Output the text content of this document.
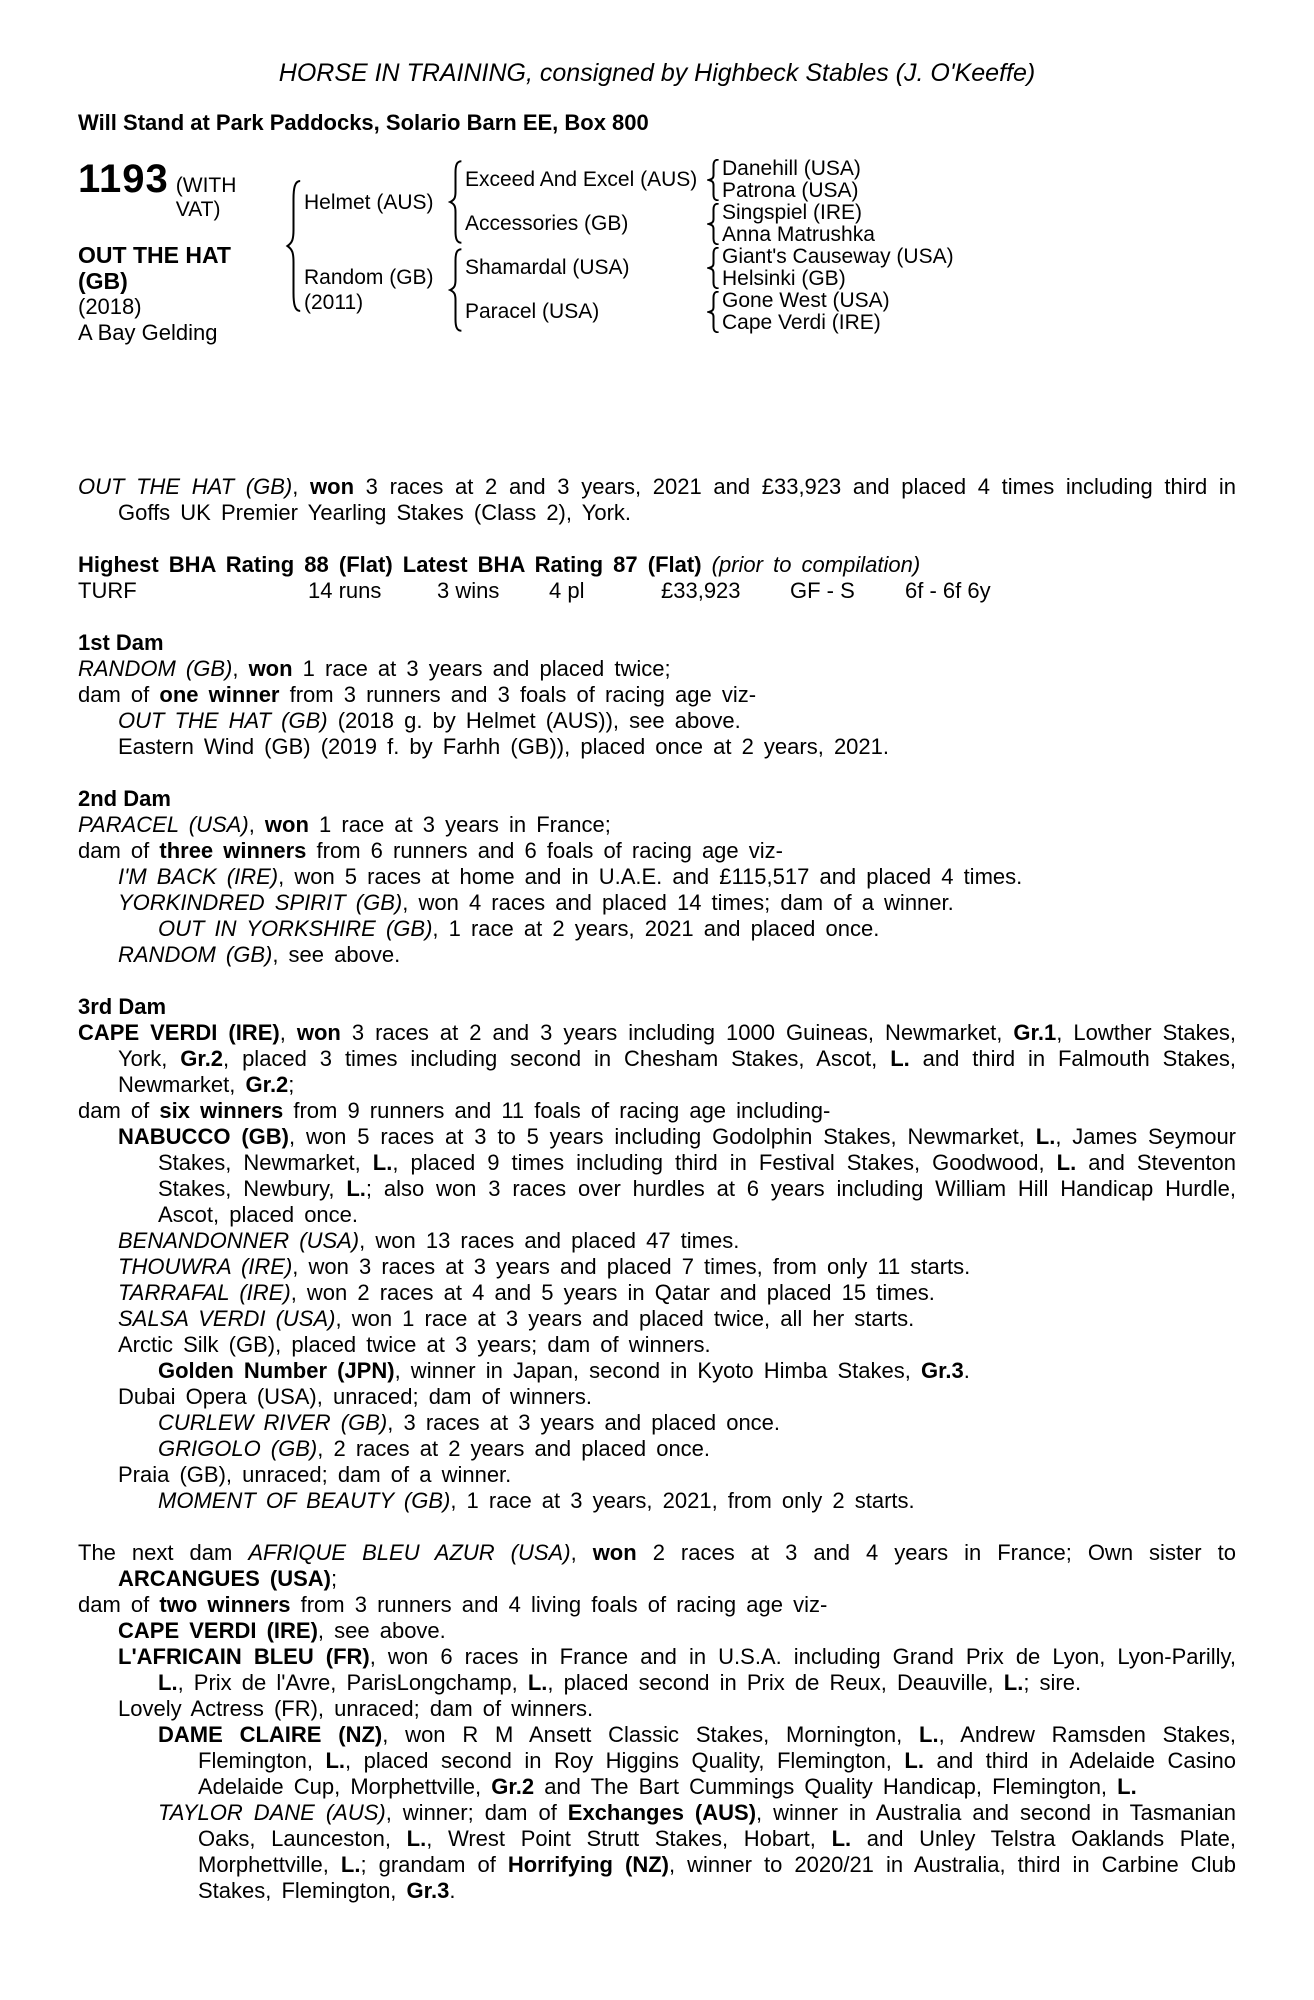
HORSE IN TRAINING, consigned by Highbeck Stables (J. O'Keeffe)
Will Stand at Park Paddocks, Solario Barn EE, Box 800
1193 (WITH VAT)
OUT THE HAT
(GB)
(2018)
A Bay Gelding
Helmet (AUS)
Exceed And Excel (AUS)	Danehill (USA)
Patrona (USA)
Accessories (GB)	Singspiel (IRE)
Anna Matrushka
Random (GB)
(2011)
Shamardal (USA)	Giant's Causeway (USA)
Helsinki (GB)
Paracel (USA)	Gone West (USA)
Cape Verdi (IRE)
OUT THE HAT (GB), won 3 races at 2 and 3 years, 2021 and £33,923 and placed 4 times including third in Goffs UK Premier Yearling Stakes (Class 2), York.
Highest BHA Rating 88 (Flat) Latest BHA Rating 87 (Flat) (prior to compilation)
TURF	14 runs	3 wins	4 pl	£33,923	GF - S	6f - 6f 6y
1st Dam
RANDOM (GB), won 1 race at 3 years and placed twice;
dam of one winner from 3 runners and 3 foals of racing age viz-
OUT THE HAT (GB) (2018 g. by Helmet (AUS)), see above.
Eastern Wind (GB) (2019 f. by Farhh (GB)), placed once at 2 years, 2021.
2nd Dam
PARACEL (USA), won 1 race at 3 years in France;
dam of three winners from 6 runners and 6 foals of racing age viz-
I'M BACK (IRE), won 5 races at home and in U.A.E. and £115,517 and placed 4 times.
YORKINDRED SPIRIT (GB), won 4 races and placed 14 times; dam of a winner.
OUT IN YORKSHIRE (GB), 1 race at 2 years, 2021 and placed once.
RANDOM (GB), see above.
3rd Dam
CAPE VERDI (IRE), won 3 races at 2 and 3 years including 1000 Guineas, Newmarket, Gr.1, Lowther Stakes, York, Gr.2, placed 3 times including second in Chesham Stakes, Ascot, L. and third in Falmouth Stakes, Newmarket, Gr.2;
dam of six winners from 9 runners and 11 foals of racing age including-
NABUCCO (GB), won 5 races at 3 to 5 years including Godolphin Stakes, Newmarket, L., James Seymour Stakes, Newmarket, L., placed 9 times including third in Festival Stakes, Goodwood, L. and Steventon Stakes, Newbury, L.; also won 3 races over hurdles at 6 years including William Hill Handicap Hurdle, Ascot, placed once.
BENANDONNER (USA), won 13 races and placed 47 times.
THOUWRA (IRE), won 3 races at 3 years and placed 7 times, from only 11 starts.
TARRAFAL (IRE), won 2 races at 4 and 5 years in Qatar and placed 15 times.
SALSA VERDI (USA), won 1 race at 3 years and placed twice, all her starts.
Arctic Silk (GB), placed twice at 3 years; dam of winners.
Golden Number (JPN), winner in Japan, second in Kyoto Himba Stakes, Gr.3.
Dubai Opera (USA), unraced; dam of winners.
CURLEW RIVER (GB), 3 races at 3 years and placed once.
GRIGOLO (GB), 2 races at 2 years and placed once.
Praia (GB), unraced; dam of a winner.
MOMENT OF BEAUTY (GB), 1 race at 3 years, 2021, from only 2 starts.
The next dam AFRIQUE BLEU AZUR (USA), won 2 races at 3 and 4 years in France; Own sister to ARCANGUES (USA);
dam of two winners from 3 runners and 4 living foals of racing age viz-
CAPE VERDI (IRE), see above.
L'AFRICAIN BLEU (FR), won 6 races in France and in U.S.A. including Grand Prix de Lyon, Lyon-Parilly, L., Prix de l'Avre, ParisLongchamp, L., placed second in Prix de Reux, Deauville, L.; sire.
Lovely Actress (FR), unraced; dam of winners.
DAME CLAIRE (NZ), won R M Ansett Classic Stakes, Mornington, L., Andrew Ramsden Stakes, Flemington, L., placed second in Roy Higgins Quality, Flemington, L. and third in Adelaide Casino Adelaide Cup, Morphettville, Gr.2 and The Bart Cummings Quality Handicap, Flemington, L.
TAYLOR DANE (AUS), winner; dam of Exchanges (AUS), winner in Australia and second in Tasmanian Oaks, Launceston, L., Wrest Point Strutt Stakes, Hobart, L. and Unley Telstra Oaklands Plate, Morphettville, L.; grandam of Horrifying (NZ), winner to 2020/21 in Australia, third in Carbine Club Stakes, Flemington, Gr.3.
